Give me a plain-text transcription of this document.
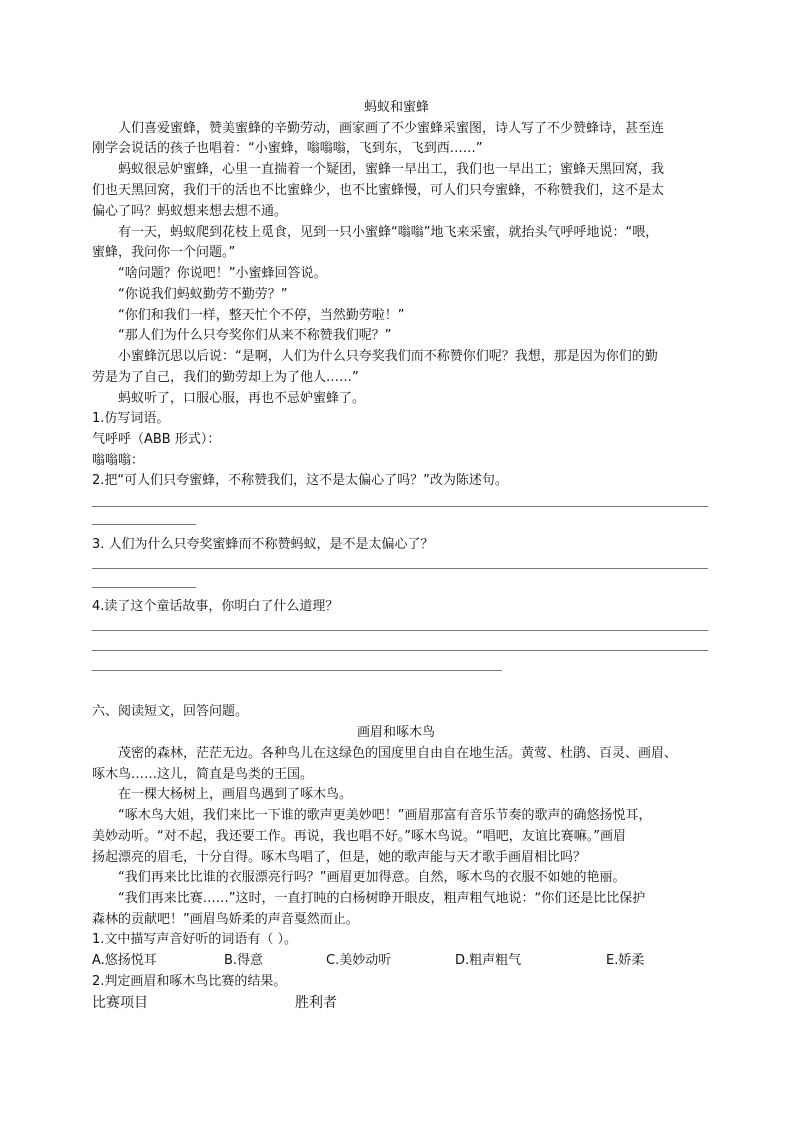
蚂蚁和蜜蜂
人们喜爱蜜蜂，赞美蜜蜂的辛勤劳动，画家画了不少蜜蜂采蜜图，诗人写了不少赞蜂诗，甚至连
刚学会说话的孩子也唱着：“小蜜蜂，嗡嗡嗡，飞到东，飞到西……”
蚂蚁很忌妒蜜蜂，心里一直揣着一个疑团，蜜蜂一早出工，我们也一早出工；蜜蜂天黑回窝，我
们也天黑回窝，我们干的活也不比蜜蜂少，也不比蜜蜂慢，可人们只夸蜜蜂，不称赞我们，这不是太
偏心了吗？蚂蚁想来想去想不通。
有一天，蚂蚁爬到花枝上觅食，见到一只小蜜蜂“嗡嗡”地飞来采蜜，就抬头气呼呼地说：“喂，
蜜蜂，我问你一个问题。”
“啥问题？你说吧！”小蜜蜂回答说。
“你说我们蚂蚁勤劳不勤劳？”
“你们和我们一样，整天忙个不停，当然勤劳啦！”
“那人们为什么只夸奖你们从来不称赞我们呢？”
小蜜蜂沉思以后说：“是啊，人们为什么只夸奖我们而不称赞你们呢？我想，那是因为你们的勤
劳是为了自己，我们的勤劳却上为了他人……”
蚂蚁听了，口服心服，再也不忌妒蜜蜂了。
1.仿写词语。
气呼呼（ABB 形式）：
嗡嗡嗡：
2.把“可人们只夸蜜蜂，不称赞我们，这不是太偏心了吗？”改为陈述句。
3. 人们为什么只夸奖蜜蜂而不称赞蚂蚁，是不是太偏心了？
4.读了这个童话故事，你明白了什么道理？
六、阅读短文，回答问题。
画眉和啄木鸟
茂密的森林，茫茫无边。各种鸟儿在这绿色的国度里自由自在地生活。黄莺、杜鹃、百灵、画眉、
啄木鸟……这儿，简直是鸟类的王国。
在一棵大杨树上，画眉鸟遇到了啄木鸟。
“啄木鸟大姐，我们来比一下谁的歌声更美妙吧！”画眉那富有音乐节奏的歌声的确悠扬悦耳，
美妙动听。“对不起，我还要工作。再说，我也唱不好。”啄木鸟说。“唱吧，友谊比赛嘛。”画眉
扬起漂亮的眉毛，十分自得。啄木鸟唱了，但是，她的歌声能与天才歌手画眉相比吗？
“我们再来比比谁的衣服漂亮行吗？”画眉更加得意。自然，啄木鸟的衣服不如她的艳丽。
“我们再来比赛……”这时，一直打盹的白杨树睁开眼皮，粗声粗气地说：“你们还是比比保护
森林的贡献吧！”画眉鸟娇柔的声音戛然而止。
1.文中描写声音好听的词语有（ ）。
A.悠扬悦耳	B.得意	C.美妙动听	D.粗声粗气	E.娇柔
2.判定画眉和啄木鸟比赛的结果。
比赛项目	胜利者
